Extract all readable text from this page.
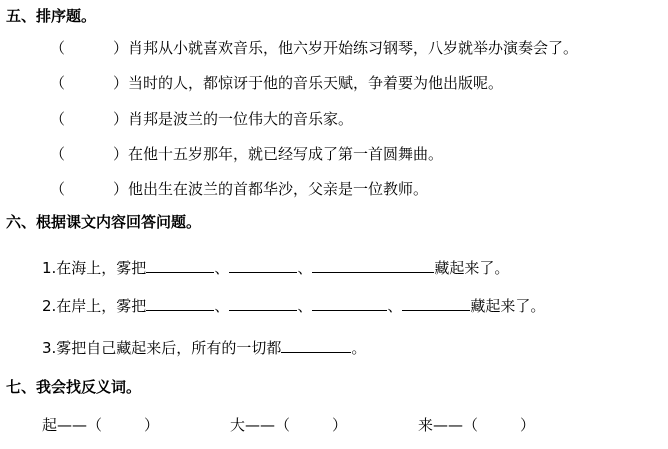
五、排序题。
（	）肖邦从小就喜欢音乐，他六岁开始练习钢琴，八岁就举办演奏会了。
（	）当时的人，都惊讶于他的音乐天赋，争着要为他出版呢。
（	）肖邦是波兰的一位伟大的音乐家。
（	）在他十五岁那年，就已经写成了第一首圆舞曲。
（	）他出生在波兰的首都华沙，父亲是一位教师。
六、根据课文内容回答问题。
1.在海上，雾把	、	、	藏起来了。
2.在岸上，雾把	、	、	、	藏起来了。
3.雾把自己藏起来后，所有的一切都	。
七、我会找反义词。
起——（	）	大——（	）	来——（	）
